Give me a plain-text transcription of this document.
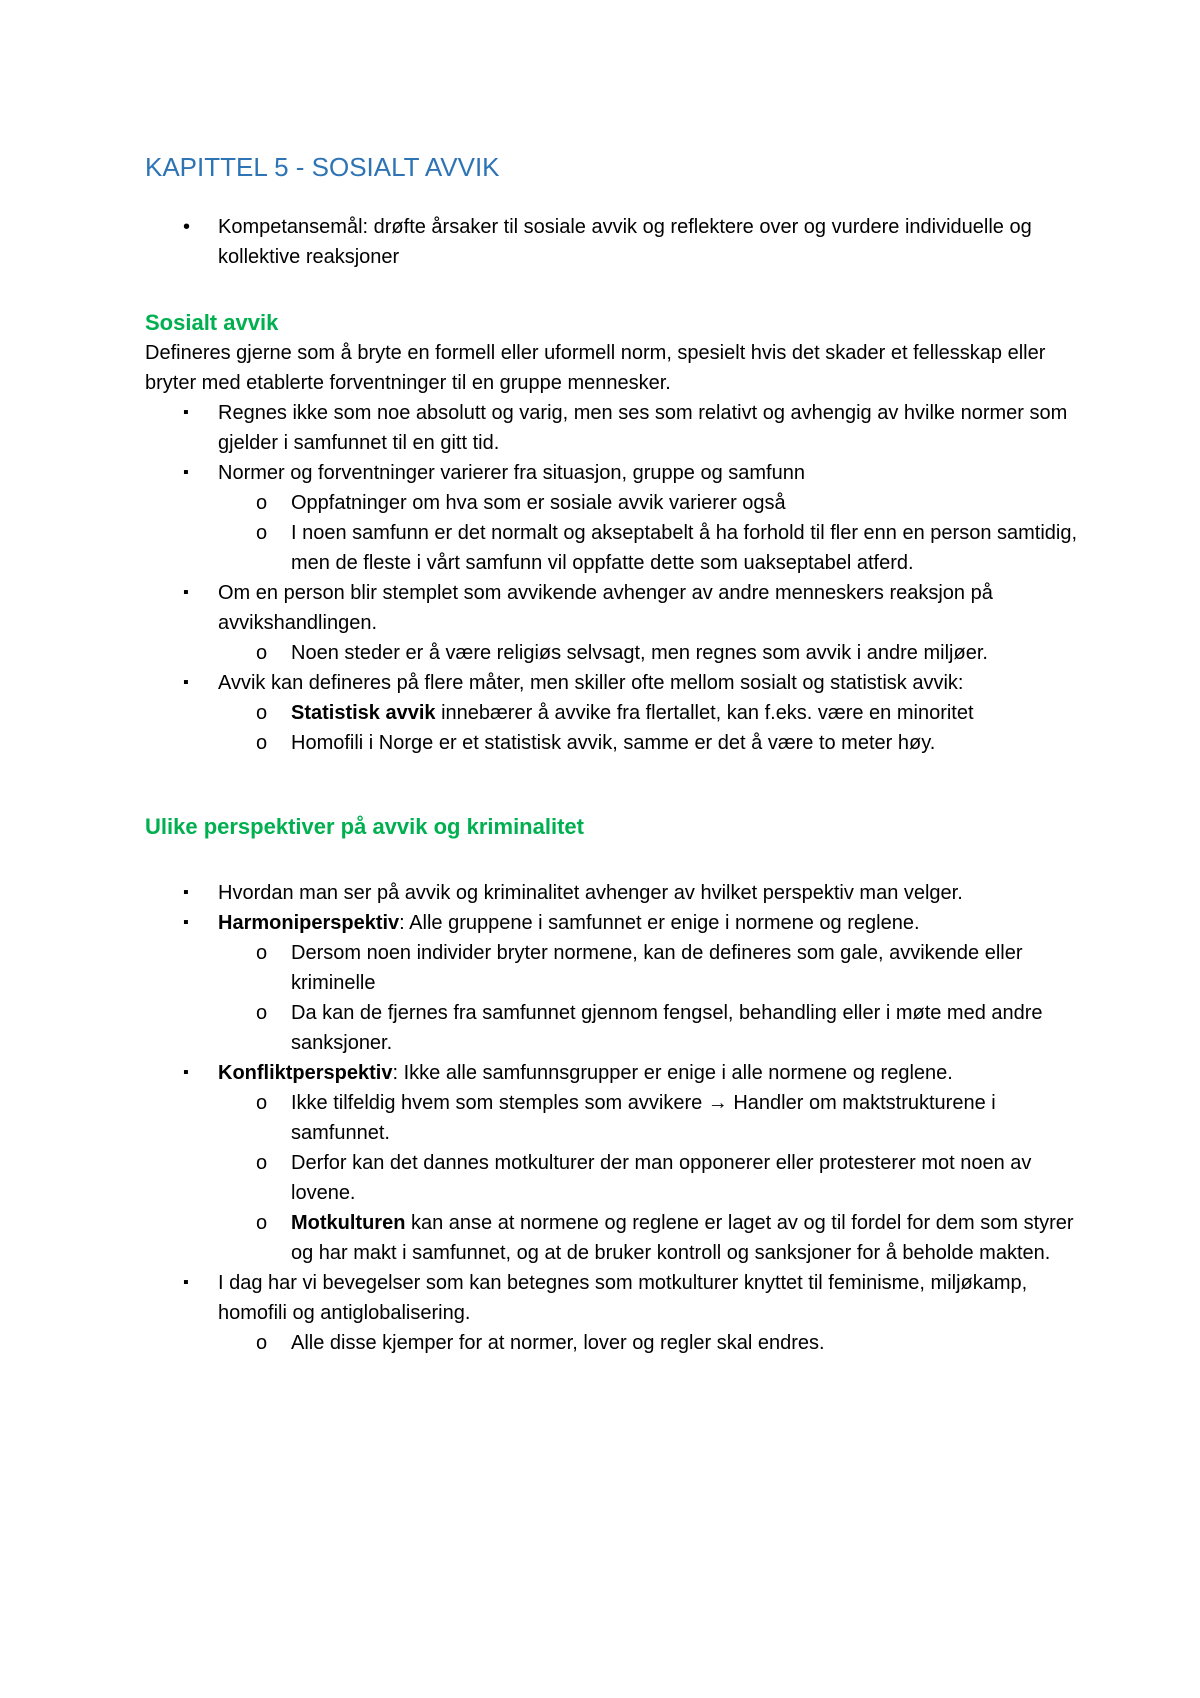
KAPITTEL 5 - SOSIALT AVVIK
• Kompetansemål: drøfte årsaker til sosiale avvik og reflektere over og vurdere individuelle og kollektive reaksjoner
Sosialt avvik

Defineres gjerne som å bryte en formell eller uformell norm, spesielt hvis det skader et fellesskap eller bryter med etablerte forventninger til en gruppe mennesker.

▪ Regnes ikke som noe absolutt og varig, men ses som relativt og avhengig av hvilke normer som gjelder i samfunnet til en gitt tid.
▪ Normer og forventninger varierer fra situasjon, gruppe og samfunn
o Oppfatninger om hva som er sosiale avvik varierer også
o I noen samfunn er det normalt og akseptabelt å ha forhold til fler enn en person samtidig, men de fleste i vårt samfunn vil oppfatte dette som uakseptabel atferd.
▪ Om en person blir stemplet som avvikende avhenger av andre menneskers reaksjon på avvikshandlingen.
o Noen steder er å være religiøs selvsagt, men regnes som avvik i andre miljøer.
▪ Avvik kan defineres på flere måter, men skiller ofte mellom sosialt og statistisk avvik:
o Statistisk avvik innebærer å avvike fra flertallet, kan f.eks. være en minoritet
o Homofili i Norge er et statistisk avvik, samme er det å være to meter høy.
Ulike perspektiver på avvik og kriminalitet
▪ Hvordan man ser på avvik og kriminalitet avhenger av hvilket perspektiv man velger.
▪ Harmoniperspektiv: Alle gruppene i samfunnet er enige i normene og reglene.
o Dersom noen individer bryter normene, kan de defineres som gale, avvikende eller kriminelle
o Da kan de fjernes fra samfunnet gjennom fengsel, behandling eller i møte med andre sanksjoner.
▪ Konfliktperspektiv: Ikke alle samfunnsgrupper er enige i alle normene og reglene.
o Ikke tilfeldig hvem som stemples som avvikere → Handler om maktstrukturene i samfunnet.
o Derfor kan det dannes motkulturer der man opponerer eller protesterer mot noen av lovene.
o Motkulturen kan anse at normene og reglene er laget av og til fordel for dem som styrer og har makt i samfunnet, og at de bruker kontroll og sanksjoner for å beholde makten.
▪ I dag har vi bevegelser som kan betegnes som motkulturer knyttet til feminisme, miljøkamp, homofili og antiglobalisering.
o Alle disse kjemper for at normer, lover og regler skal endres.
